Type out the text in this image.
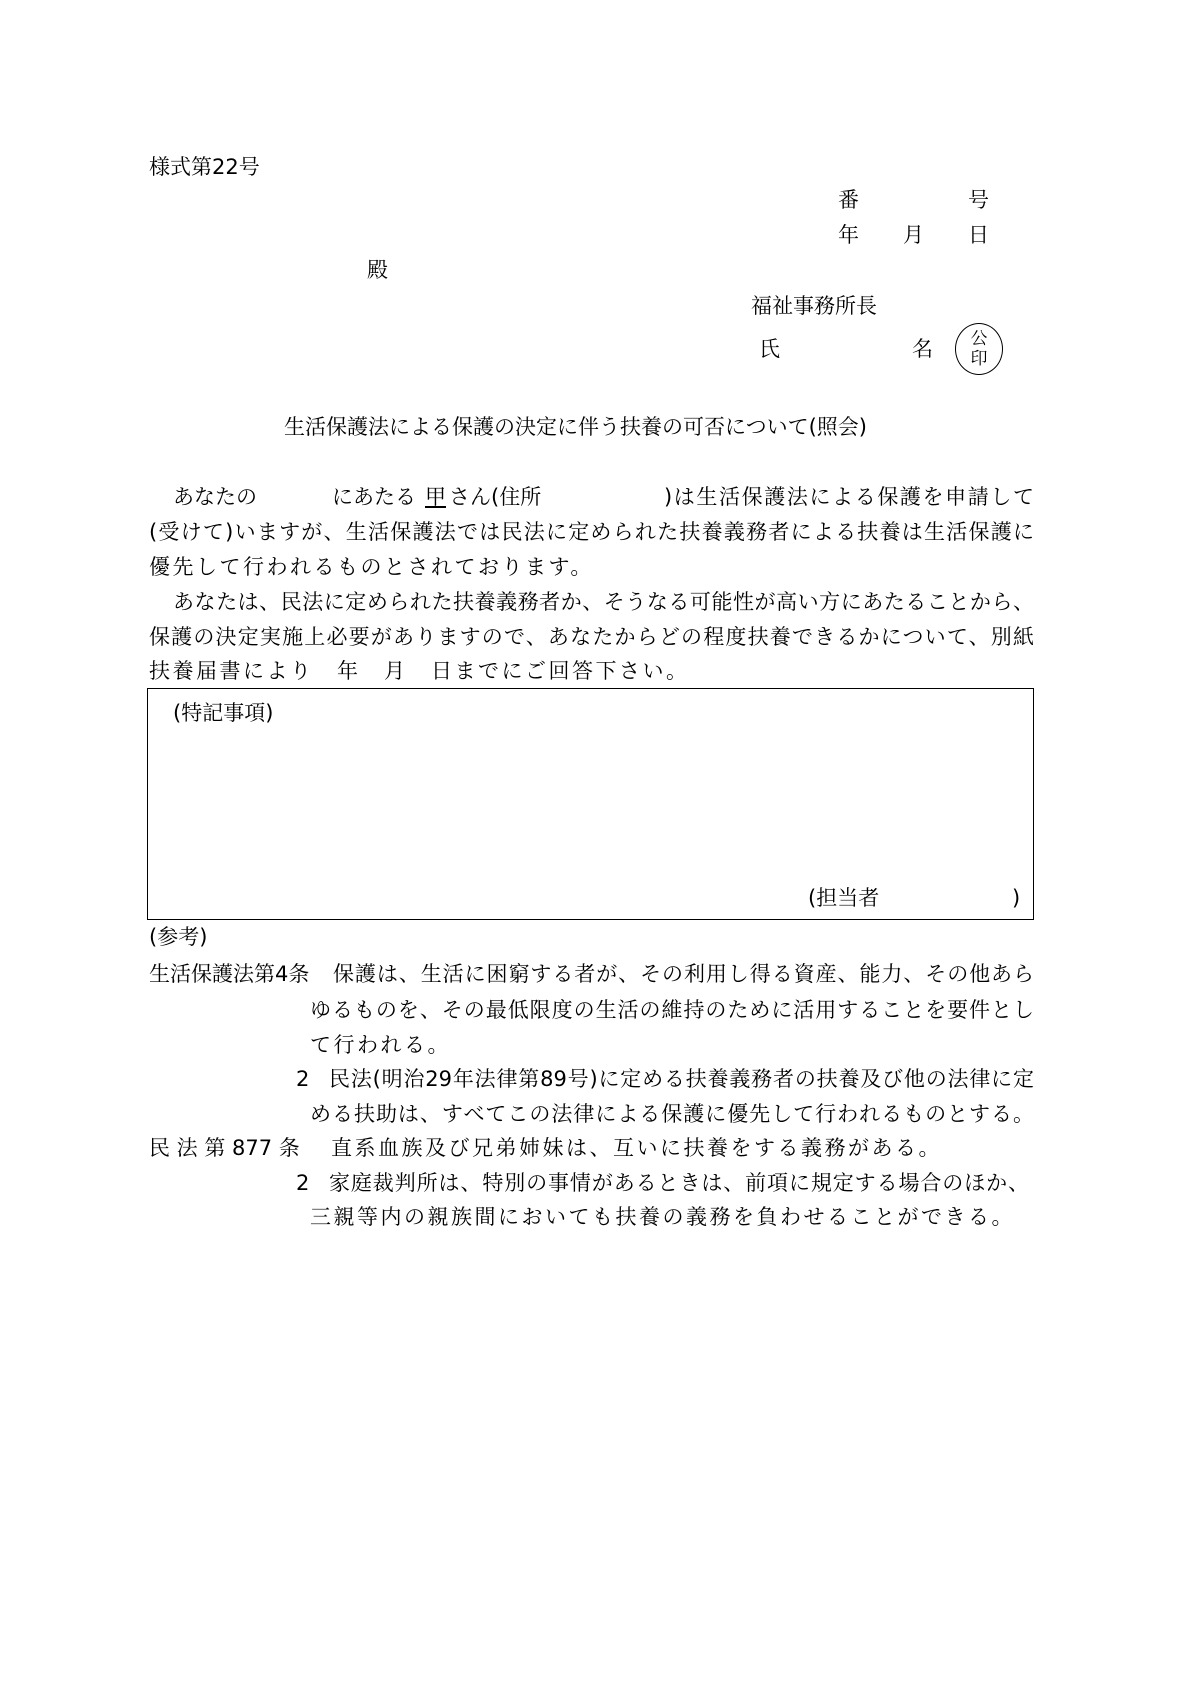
様式第22号
番	号
年 月 日
殿
福祉事務所長
氏	名	公
印
生活保護法による保護の決定に伴う扶養の可否について(照会)
あなたの	にあたる 甲 さん(住所	)は生活保護法による保護を申請して
(受けて)いますが、生活保護法では民法に定められた扶養義務者による扶養は生活保護に
優先して行われるものとされております。
あなたは、民法に定められた扶養義務者か、そうなる可能性が高い方にあたることから、
保護の決定実施上必要がありますので、あなたからどの程度扶養できるかについて、別紙
扶養届書により　年　月　日までにご回答下さい。
(特記事項)
(担当者	)
(参考)
生活保護法第4条 保護は、生活に困窮する者が、その利用し得る資産、能力、その他あら
ゆるものを、その最低限度の生活の維持のために活用することを要件とし
て行われる。
2 民法(明治29年法律第89号)に定める扶養義務者の扶養及び他の法律に定
める扶助は、すべてこの法律による保護に優先して行われるものとする。
民 法 第 877 条 直系血族及び兄弟姉妹は、互いに扶養をする義務がある。
2 家庭裁判所は、特別の事情があるときは、前項に規定する場合のほか、
三親等内の親族間においても扶養の義務を負わせることができる。
